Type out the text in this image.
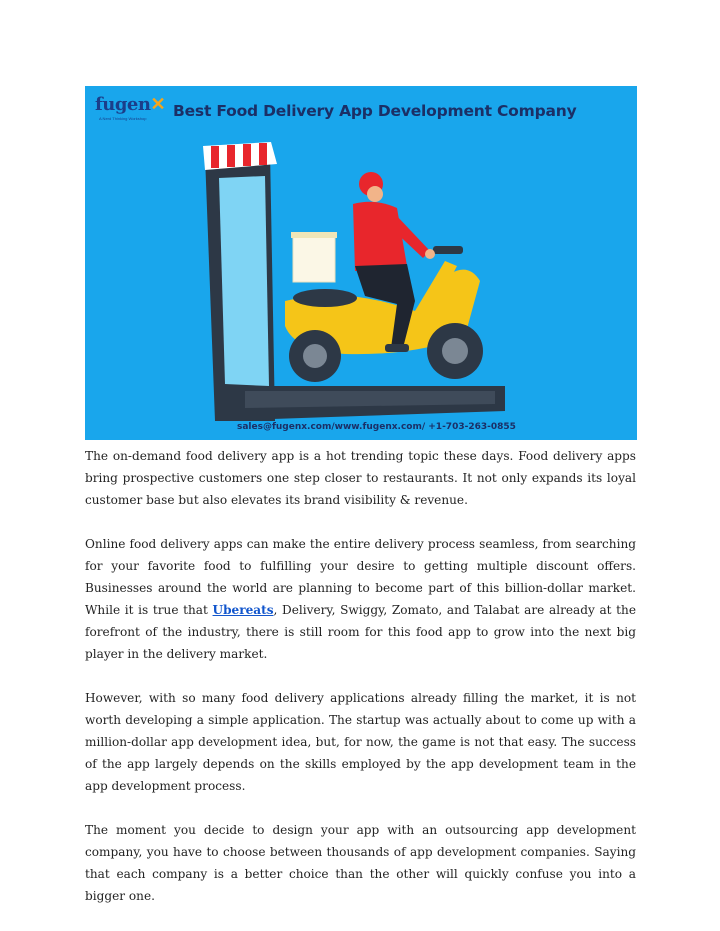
fugen✕
A Nerd Thinking Workshop Best Food Delivery App Development Company
sales@fugenx.com/www.fugenx.com/ +1-703-263-0855

The on-demand food delivery app is a hot trending topic these days. Food delivery apps bring prospective customers one step closer to restaurants. It not only expands its loyal customer base but also elevates its brand visibility & revenue.

Online food delivery apps can make the entire delivery process seamless, from searching for your favorite food to fulfilling your desire to getting multiple discount offers. Businesses around the world are planning to become part of this billion-dollar market. While it is true that Ubereats, Delivery, Swiggy, Zomato, and Talabat are already at the forefront of the industry, there is still room for this food app to grow into the next big player in the delivery market.

However, with so many food delivery applications already filling the market, it is not worth developing a simple application. The startup was actually about to come up with a million-dollar app development idea, but, for now, the game is not that easy. The success of the app largely depends on the skills employed by the app development team in the app development process.

The moment you decide to design your app with an outsourcing app development company, you have to choose between thousands of app development companies. Saying that each company is a better choice than the other will quickly confuse you into a bigger one.
